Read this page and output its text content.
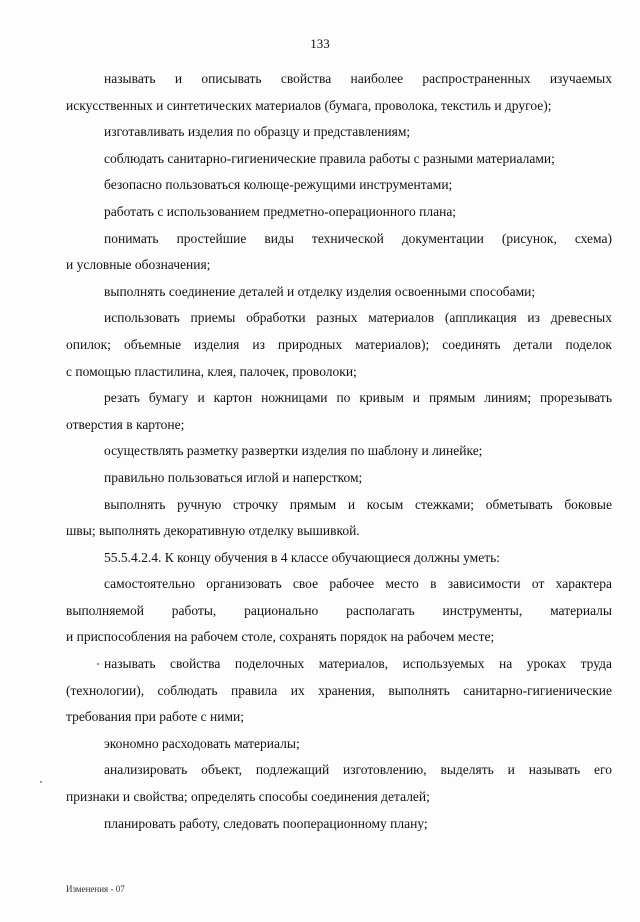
133
называть и описывать свойства наиболее распространенных изучаемых
искусственных и синтетических материалов (бумага, проволока, текстиль и другое);
изготавливать изделия по образцу и представлениям;
соблюдать санитарно-гигиенические правила работы с разными материалами;
безопасно пользоваться колюще-режущими инструментами;
работать с использованием предметно-операционного плана;
понимать простейшие виды технической документации (рисунок, схема)
и условные обозначения;
выполнять соединение деталей и отделку изделия освоенными способами;
использовать приемы обработки разных материалов (аппликация из древесных
опилок; объемные изделия из природных материалов); соединять детали поделок
с помощью пластилина, клея, палочек, проволоки;
резать бумагу и картон ножницами по кривым и прямым линиям; прорезывать
отверстия в картоне;
осуществлять разметку развертки изделия по шаблону и линейке;
правильно пользоваться иглой и наперстком;
выполнять ручную строчку прямым и косым стежками; обметывать боковые
швы; выполнять декоративную отделку вышивкой.
55.5.4.2.4. К концу обучения в 4 классе обучающиеся должны уметь:
самостоятельно организовать свое рабочее место в зависимости от характера
выполняемой работы, рационально располагать инструменты, материалы
и приспособления на рабочем столе, сохранять порядок на рабочем месте;
называть свойства поделочных материалов, используемых на уроках труда
(технологии), соблюдать правила их хранения, выполнять санитарно-гигиенические
требования при работе с ними;
экономно расходовать материалы;
анализировать объект, подлежащий изготовлению, выделять и называть его
признаки и свойства; определять способы соединения деталей;
планировать работу, следовать пооперационному плану;
Изменения - 07
